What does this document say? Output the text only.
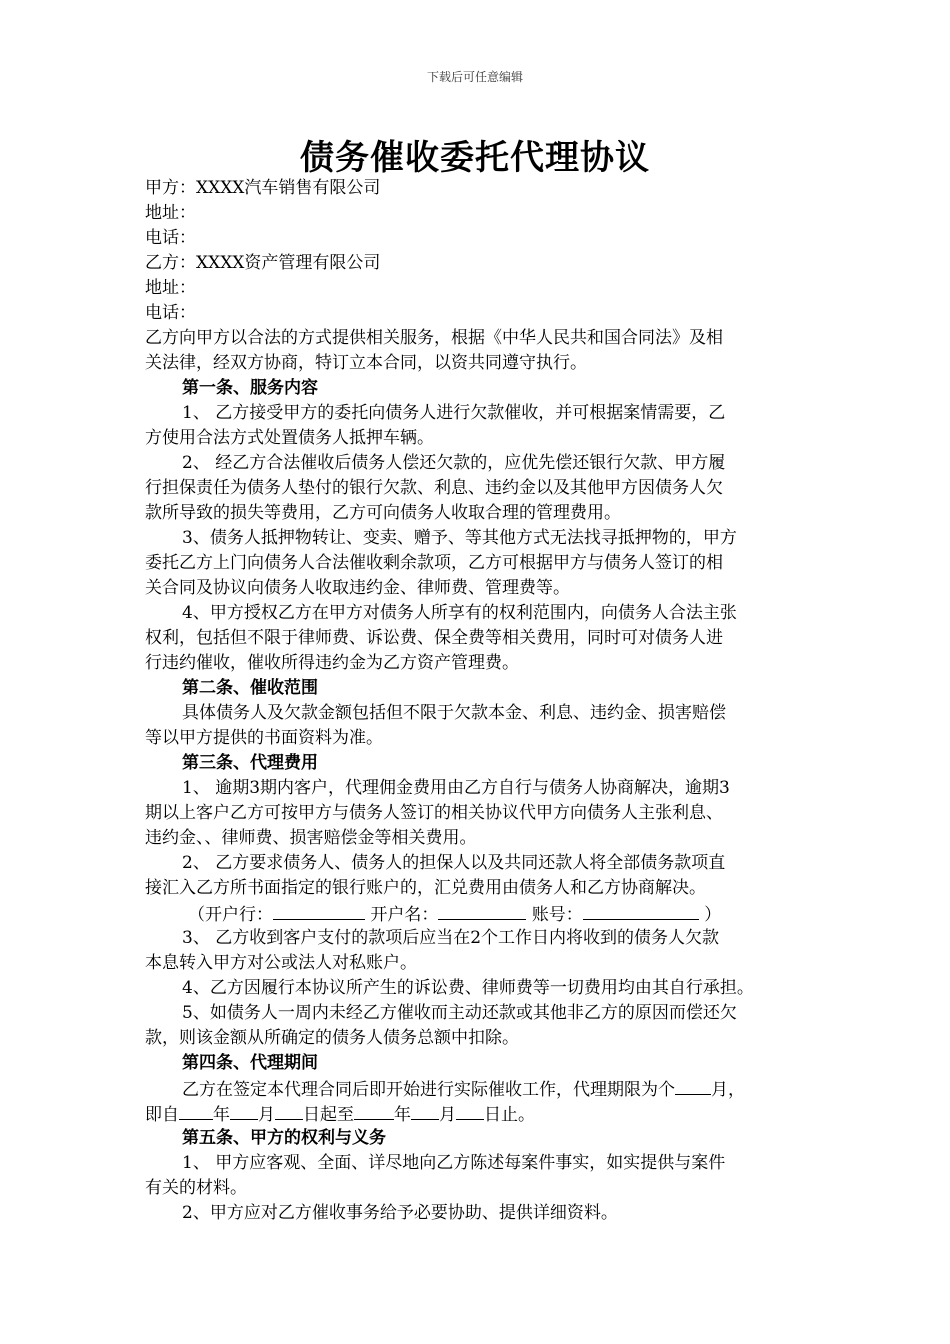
下载后可任意编辑
债务催收委托代理协议
甲方：XXXX汽车销售有限公司
地址：
电话：
乙方：XXXX资产管理有限公司
地址：
电话：
乙方向甲方以合法的方式提供相关服务，根据《中华人民共和国合同法》及相
关法律，经双方协商，特订立本合同，以资共同遵守执行。
第一条、服务内容
1、 乙方接受甲方的委托向债务人进行欠款催收，并可根据案情需要，乙
方使用合法方式处置债务人抵押车辆。
2、 经乙方合法催收后债务人偿还欠款的，应优先偿还银行欠款、甲方履
行担保责任为债务人垫付的银行欠款、利息、违约金以及其他甲方因债务人欠
款所导致的损失等费用，乙方可向债务人收取合理的管理费用。
3、债务人抵押物转让、变卖、赠予、等其他方式无法找寻抵押物的，甲方
委托乙方上门向债务人合法催收剩余款项，乙方可根据甲方与债务人签订的相
关合同及协议向债务人收取违约金、律师费、管理费等。
4、甲方授权乙方在甲方对债务人所享有的权利范围内，向债务人合法主张
权利，包括但不限于律师费、诉讼费、保全费等相关费用，同时可对债务人进
行违约催收，催收所得违约金为乙方资产管理费。
第二条、催收范围
具体债务人及欠款金额包括但不限于欠款本金、利息、违约金、损害赔偿
等以甲方提供的书面资料为准。
第三条、代理费用
1、 逾期3期内客户，代理佣金费用由乙方自行与债务人协商解决，逾期3
期以上客户乙方可按甲方与债务人签订的相关协议代甲方向债务人主张利息、
违约金、、律师费、损害赔偿金等相关费用。
2、 乙方要求债务人、债务人的担保人以及共同还款人将全部债务款项直
接汇入乙方所书面指定的银行账户的，汇兑费用由债务人和乙方协商解决。
（开户行：	开户名：	账号：	）
3、 乙方收到客户支付的款项后应当在2个工作日内将收到的债务人欠款
本息转入甲方对公或法人对私账户。
4、乙方因履行本协议所产生的诉讼费、律师费等一切费用均由其自行承担。
5、如债务人一周内未经乙方催收而主动还款或其他非乙方的原因而偿还欠
款，则该金额从所确定的债务人债务总额中扣除。
第四条、代理期间
乙方在签定本代理合同后即开始进行实际催收工作，代理期限为个 月，
即自 年 月 日起至 年 月 日止。
第五条、甲方的权利与义务
1、 甲方应客观、全面、详尽地向乙方陈述每案件事实，如实提供与案件
有关的材料。
2、甲方应对乙方催收事务给予必要协助、提供详细资料。
